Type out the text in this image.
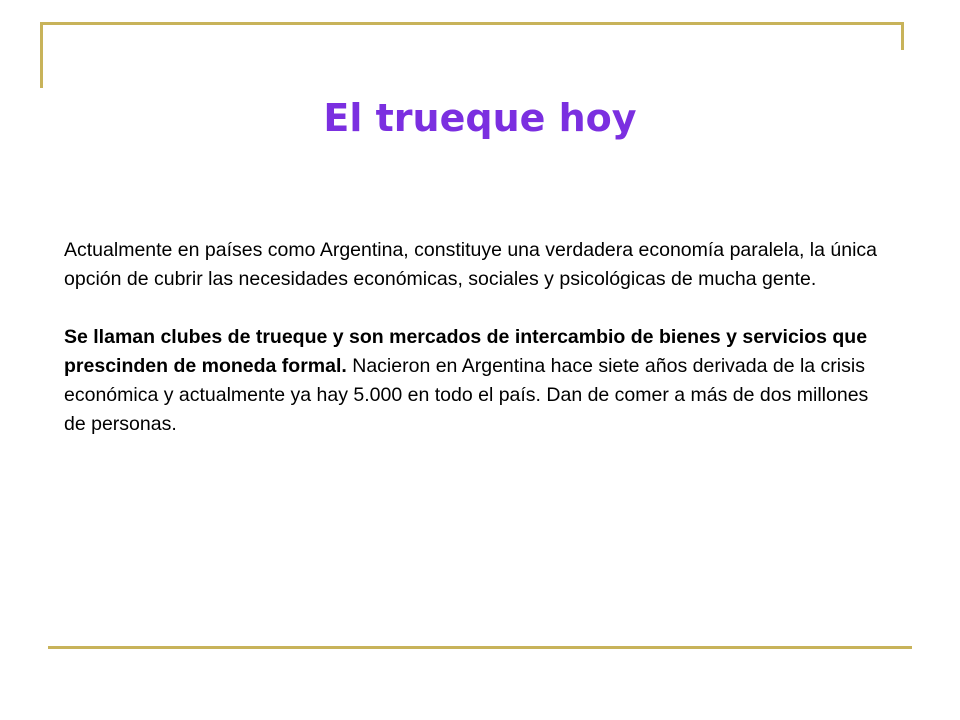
El trueque hoy

Actualmente en países como Argentina, constituye una verdadera economía paralela, la única opción de cubrir las necesidades económicas, sociales y psicológicas de mucha gente.

Se llaman clubes de trueque y son mercados de intercambio de bienes y servicios que prescinden de moneda formal. Nacieron en Argentina hace siete años derivada de la crisis económica y actualmente ya hay 5.000 en todo el país. Dan de comer a más de dos millones de personas.
